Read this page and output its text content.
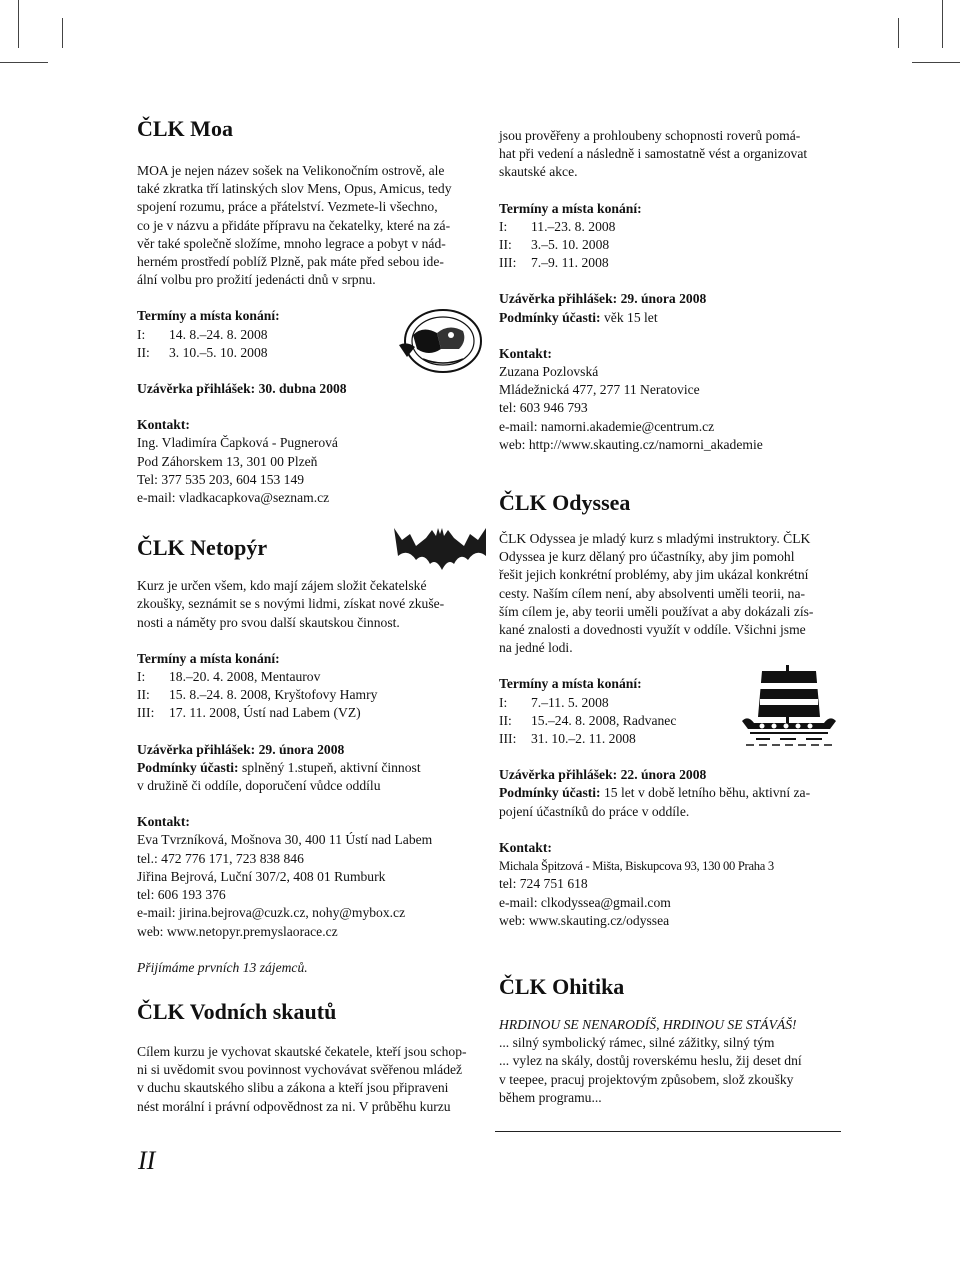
ČLK Moa
MOA je nejen název sošek na Velikonočním ostrově, ale
také zkratka tří latinských slov Mens, Opus, Amicus, tedy
spojení rozumu, práce a přátelství. Vezmete-li všechno,
co je v názvu a přidáte přípravu na čekatelky, které na zá-
věr také společně složíme, mnoho legrace a pobyt v nád-
herném prostředí poblíž Plzně, pak máte před sebou ide-
ální volbu pro prožití jedenácti dnů v srpnu.
Termíny a místa konání:
I:	14. 8.–24. 8. 2008
II:	3. 10.–5. 10. 2008
Uzávěrka přihlášek: 30. dubna 2008
Kontakt:
Ing. Vladimíra Čapková - Pugnerová
Pod Záhorskem 13, 301 00 Plzeň
Tel: 377 535 203, 604 153 149
e-mail: vladkacapkova@seznam.cz
ČLK Netopýr
Kurz je určen všem, kdo mají zájem složit čekatelské
zkoušky, seznámit se s novými lidmi, získat nové zkuše-
nosti a náměty pro svou další skautskou činnost.
Termíny a místa konání:
I:	18.–20. 4. 2008, Mentaurov
II:	15. 8.–24. 8. 2008, Kryštofovy Hamry
III:	17. 11. 2008, Ústí nad Labem (VZ)
Uzávěrka přihlášek: 29. února 2008
Podmínky účasti: splněný 1.stupeň, aktivní činnost
v družině či oddíle, doporučení vůdce oddílu
Kontakt:
Eva Tvrzníková, Mošnova 30, 400 11 Ústí nad Labem
tel.: 472 776 171, 723 838 846
Jiřina Bejrová, Luční 307/2, 408 01 Rumburk
tel: 606 193 376
e-mail: jirina.bejrova@cuzk.cz, nohy@mybox.cz
web: www.netopyr.premyslaorace.cz
Přijímáme prvních 13 zájemců.
ČLK Vodních skautů
Cílem kurzu je vychovat skautské čekatele, kteří jsou schop-
ni si uvědomit svou povinnost vychovávat svěřenou mládež
v duchu skautského slibu a zákona a kteří jsou připraveni
nést morální i právní odpovědnost za ni. V průběhu kurzu
jsou prověřeny a prohloubeny schopnosti roverů pomá-
hat při vedení a následně i samostatně vést a organizovat
skautské akce.
Termíny a místa konání:
I:	11.–23. 8. 2008
II:	3.–5. 10. 2008
III:	7.–9. 11. 2008
Uzávěrka přihlášek: 29. února 2008
Podmínky účasti: věk 15 let
Kontakt:
Zuzana Pozlovská
Mládežnická 477, 277 11 Neratovice
tel: 603 946 793
e-mail: namorni.akademie@centrum.cz
web: http://www.skauting.cz/namorni_akademie
ČLK Odyssea
ČLK Odyssea je mladý kurz s mladými instruktory. ČLK
Odyssea je kurz dělaný pro účastníky, aby jim pomohl
řešit jejich konkrétní problémy, aby jim ukázal konkrétní
cesty. Naším cílem není, aby absolventi uměli teorii, na-
ším cílem je, aby teorii uměli používat a aby dokázali zís-
kané znalosti a dovednosti využít v oddíle. Všichni jsme
na jedné lodi.
Termíny a místa konání:
I:	7.–11. 5. 2008
II:	15.–24. 8. 2008, Radvanec
III:	31. 10.–2. 11. 2008
Uzávěrka přihlášek: 22. února 2008
Podmínky účasti: 15 let v době letního běhu, aktivní za-
pojení účastníků do práce v oddíle.
Kontakt:
Michala Špitzová - Mišta, Biskupcova 93, 130 00 Praha 3
tel: 724 751 618
e-mail: clkodyssea@gmail.com
web: www.skauting.cz/odyssea
ČLK Ohitika
HRDINOU SE NENARODÍŠ, HRDINOU SE STÁVÁŠ!
... silný symbolický rámec, silné zážitky, silný tým
... vylez na skály, dostůj roverskému heslu, žij deset dní
v teepee, pracuj projektovým způsobem, slož zkoušky
během programu...
II
